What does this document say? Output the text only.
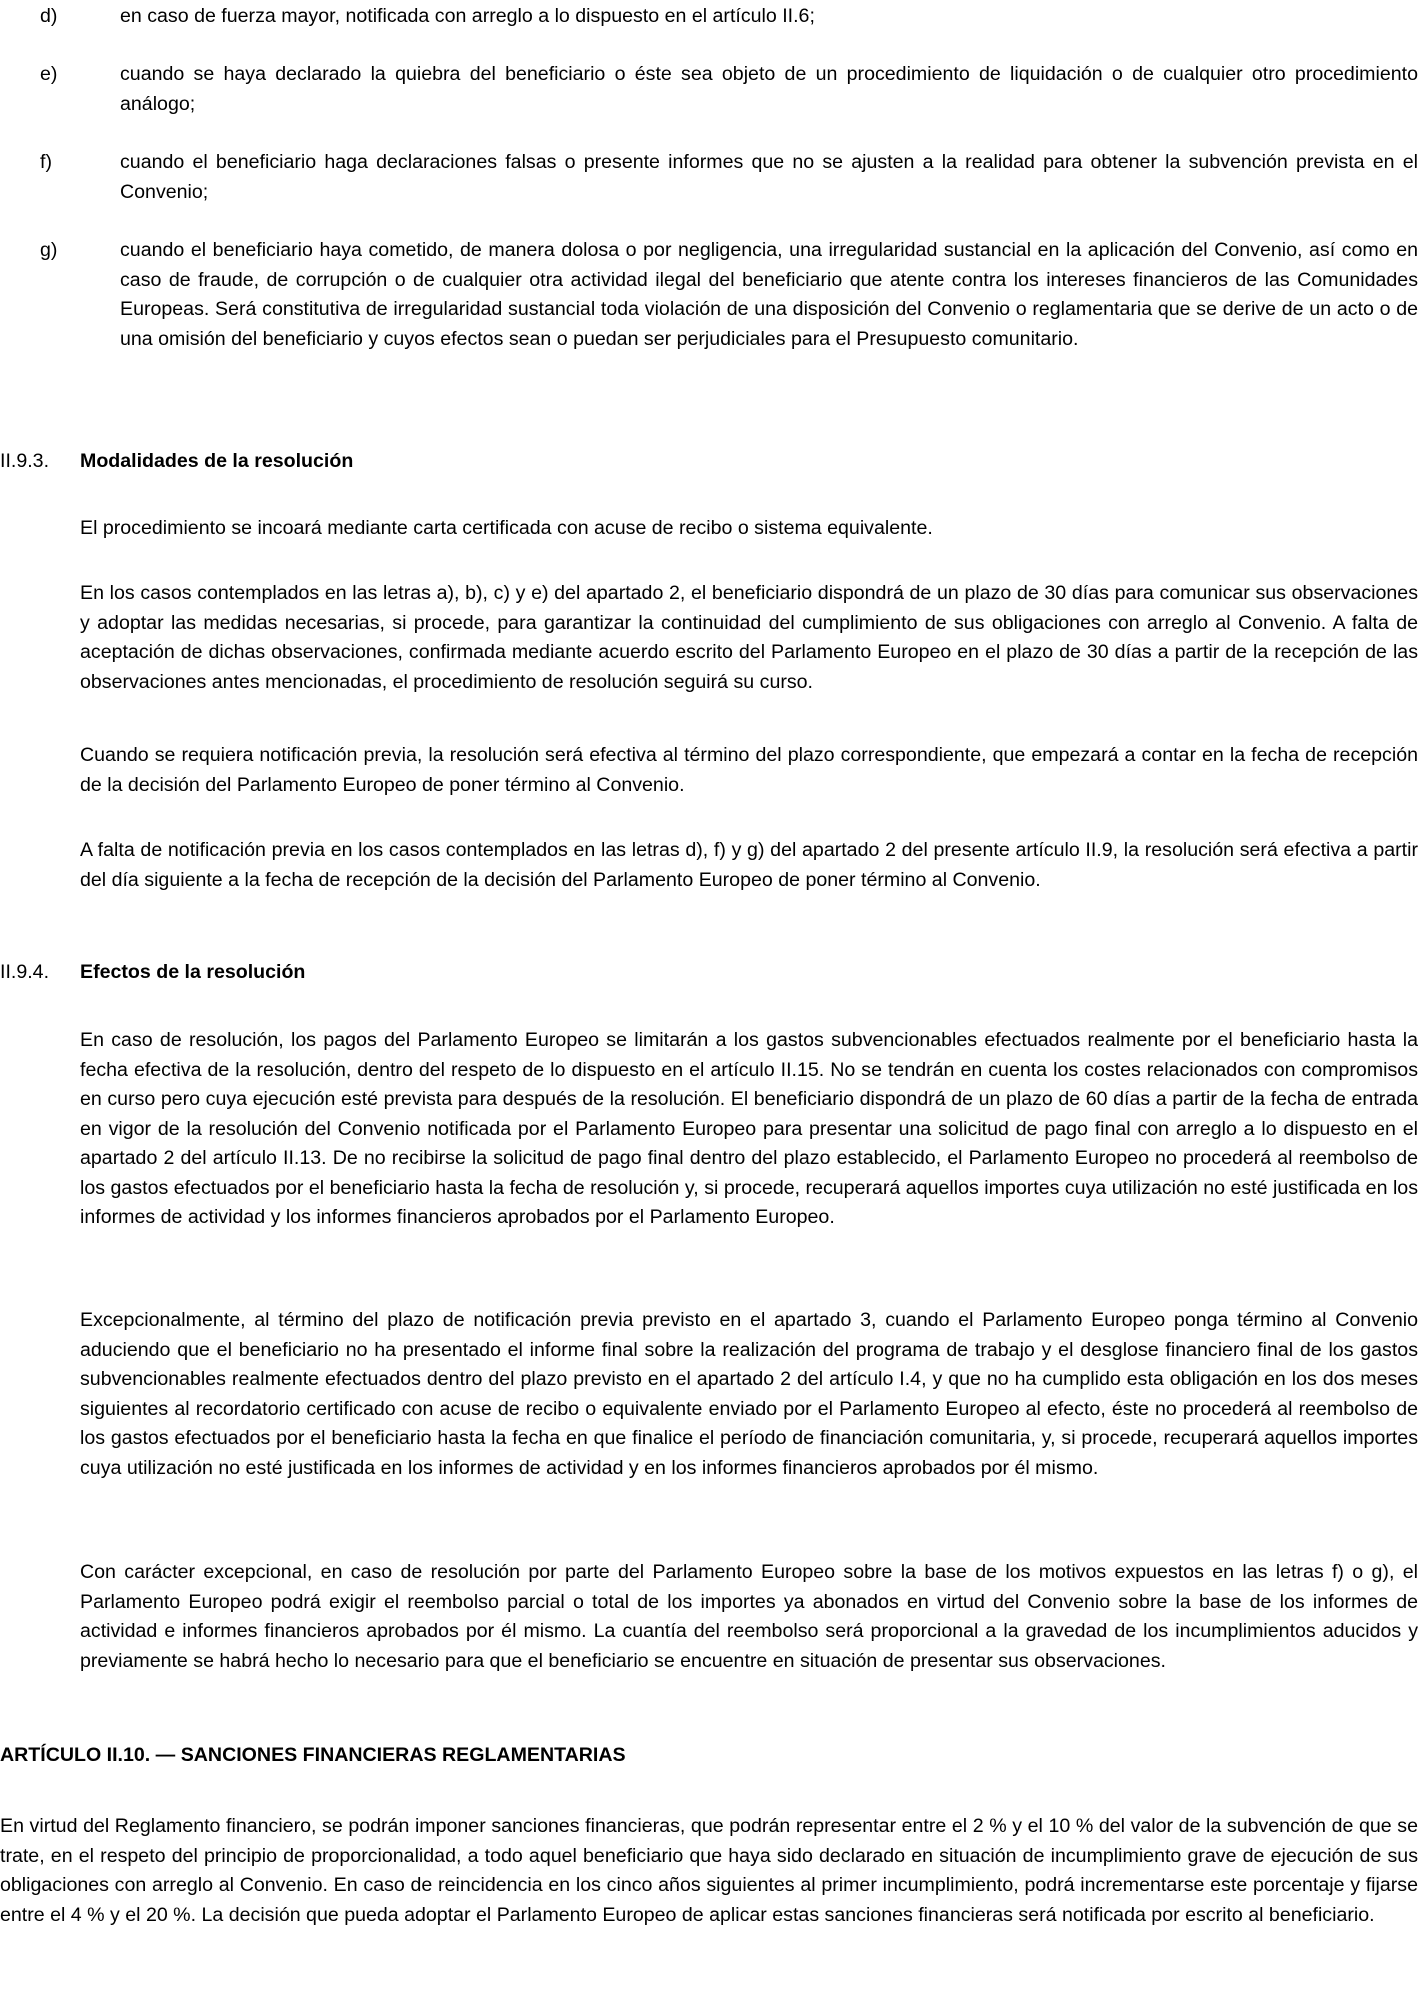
d)	en caso de fuerza mayor, notificada con arreglo a lo dispuesto en el artículo II.6;
e)	cuando se haya declarado la quiebra del beneficiario o éste sea objeto de un procedimiento de liquidación o de cualquier otro procedimiento análogo;
f)	cuando el beneficiario haga declaraciones falsas o presente informes que no se ajusten a la realidad para obtener la subvención prevista en el Convenio;
g)	cuando el beneficiario haya cometido, de manera dolosa o por negligencia, una irregularidad sustancial en la aplicación del Convenio, así como en caso de fraude, de corrupción o de cualquier otra actividad ilegal del beneficiario que atente contra los intereses financieros de las Comunidades Europeas. Será constitutiva de irregularidad sustancial toda violación de una disposición del Convenio o reglamentaria que se derive de un acto o de una omisión del beneficiario y cuyos efectos sean o puedan ser perjudiciales para el Presupuesto comunitario.
II.9.3. Modalidades de la resolución
El procedimiento se incoará mediante carta certificada con acuse de recibo o sistema equivalente.
En los casos contemplados en las letras a), b), c) y e) del apartado 2, el beneficiario dispondrá de un plazo de 30 días para comunicar sus observaciones y adoptar las medidas necesarias, si procede, para garantizar la continuidad del cumplimiento de sus obligaciones con arreglo al Convenio. A falta de aceptación de dichas observaciones, confirmada mediante acuerdo escrito del Parlamento Europeo en el plazo de 30 días a partir de la recepción de las observaciones antes mencionadas, el procedimiento de resolución seguirá su curso.
Cuando se requiera notificación previa, la resolución será efectiva al término del plazo correspondiente, que empezará a contar en la fecha de recepción de la decisión del Parlamento Europeo de poner término al Convenio.
A falta de notificación previa en los casos contemplados en las letras d), f) y g) del apartado 2 del presente artículo II.9, la resolución será efectiva a partir del día siguiente a la fecha de recepción de la decisión del Parlamento Europeo de poner término al Convenio.
II.9.4. Efectos de la resolución
En caso de resolución, los pagos del Parlamento Europeo se limitarán a los gastos subvencionables efectuados realmente por el beneficiario hasta la fecha efectiva de la resolución, dentro del respeto de lo dispuesto en el artículo II.15. No se tendrán en cuenta los costes relacionados con compromisos en curso pero cuya ejecución esté prevista para después de la resolución. El beneficiario dispondrá de un plazo de 60 días a partir de la fecha de entrada en vigor de la resolución del Convenio notificada por el Parlamento Europeo para presentar una solicitud de pago final con arreglo a lo dispuesto en el apartado 2 del artículo II.13. De no recibirse la solicitud de pago final dentro del plazo establecido, el Parlamento Europeo no procederá al reembolso de los gastos efectuados por el beneficiario hasta la fecha de resolución y, si procede, recuperará aquellos importes cuya utilización no esté justificada en los informes de actividad y los informes financieros aprobados por el Parlamento Europeo.
Excepcionalmente, al término del plazo de notificación previa previsto en el apartado 3, cuando el Parlamento Europeo ponga término al Convenio aduciendo que el beneficiario no ha presentado el informe final sobre la realización del programa de trabajo y el desglose financiero final de los gastos subvencionables realmente efectuados dentro del plazo previsto en el apartado 2 del artículo I.4, y que no ha cumplido esta obligación en los dos meses siguientes al recordatorio certificado con acuse de recibo o equivalente enviado por el Parlamento Europeo al efecto, éste no procederá al reembolso de los gastos efectuados por el beneficiario hasta la fecha en que finalice el período de financiación comunitaria, y, si procede, recuperará aquellos importes cuya utilización no esté justificada en los informes de actividad y en los informes financieros aprobados por él mismo.
Con carácter excepcional, en caso de resolución por parte del Parlamento Europeo sobre la base de los motivos expuestos en las letras f) o g), el Parlamento Europeo podrá exigir el reembolso parcial o total de los importes ya abonados en virtud del Convenio sobre la base de los informes de actividad e informes financieros aprobados por él mismo. La cuantía del reembolso será proporcional a la gravedad de los incumplimientos aducidos y previamente se habrá hecho lo necesario para que el beneficiario se encuentre en situación de presentar sus observaciones.
ARTÍCULO II.10. — SANCIONES FINANCIERAS REGLAMENTARIAS
En virtud del Reglamento financiero, se podrán imponer sanciones financieras, que podrán representar entre el 2 % y el 10 % del valor de la subvención de que se trate, en el respeto del principio de proporcionalidad, a todo aquel beneficiario que haya sido declarado en situación de incumplimiento grave de ejecución de sus obligaciones con arreglo al Convenio. En caso de reincidencia en los cinco años siguientes al primer incumplimiento, podrá incrementarse este porcentaje y fijarse entre el 4 % y el 20 %. La decisión que pueda adoptar el Parlamento Europeo de aplicar estas sanciones financieras será notificada por escrito al beneficiario.
